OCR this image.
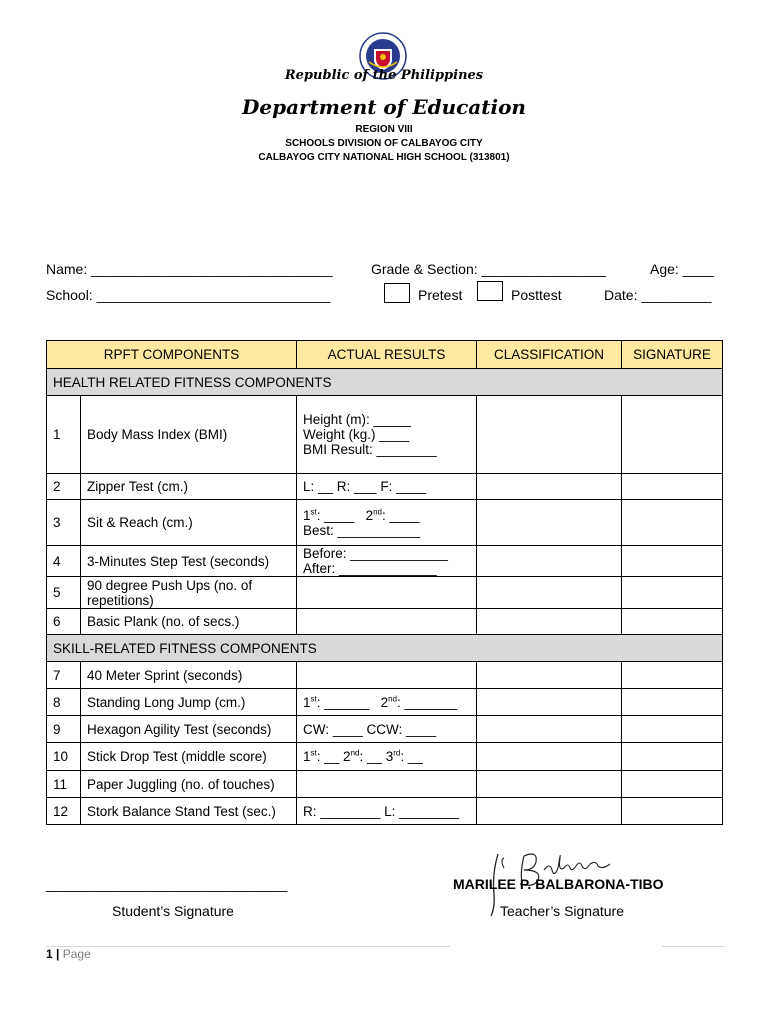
Republic of the Philippines
Department of Education
REGION VIII
SCHOOLS DIVISION OF CALBAYOG CITY
CALBAYOG CITY NATIONAL HIGH SCHOOL (313801)
Name: _______________________________	Grade & Section: ________________	Age: ____
School: ______________________________	Pretest	Posttest	Date: _________
RPFT COMPONENTS		ACTUAL RESULTS	CLASSIFICATION	SIGNATURE
HEALTH RELATED FITNESS COMPONENTS				
1	Body Mass Index (BMI)	Height (m): _____
Weight (kg.) ____
BMI Result: ________		

2	Zipper Test (cm.)	L: __ R: ___ F: ____		

3	Sit & Reach (cm.)	1st: ____ 2nd: ____
Best: ___________		

4	3-Minutes Step Test (seconds)	Before: _____________
After: _____________		

5	90 degree Push Ups (no. of repetitions)			
6	Basic Plank (no. of secs.)			
SKILL-RELATED FITNESS COMPONENTS				
7	40 Meter Sprint (seconds)			
8	Standing Long Jump (cm.)	1st: ______ 2nd: _______		

9	Hexagon Agility Test (seconds)	CW: ____ CCW: ____		

10	Stick Drop Test (middle score)	1st: __ 2nd: __ 3rd: __		

11	Paper Juggling (no. of touches)			
12	Stork Balance Stand Test (sec.)	R: ________ L: ________		

_______________________________
Student’s Signature
MARILEE P. BALBARONA-TIBO
Teacher’s Signature
1 | Page
